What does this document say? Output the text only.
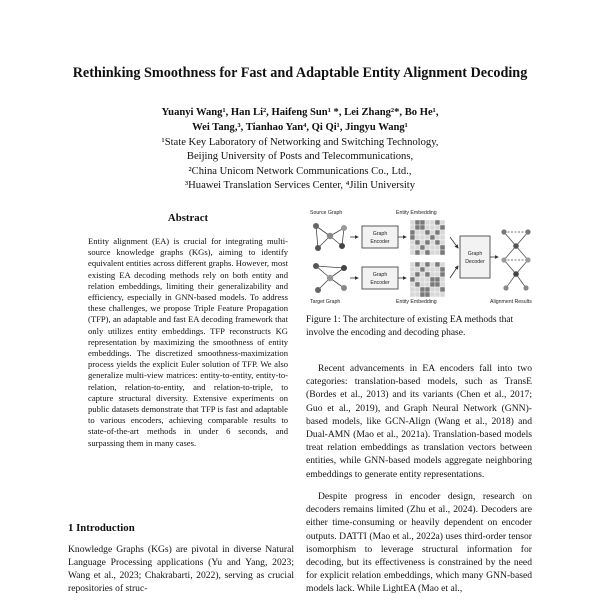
Rethinking Smoothness for Fast and Adaptable Entity Alignment Decoding
Yuanyi Wang¹, Han Li², Haifeng Sun¹ *, Lei Zhang²*, Bo He¹,
Wei Tang,³, Tianhao Yan⁴, Qi Qi¹, Jingyu Wang¹
¹State Key Laboratory of Networking and Switching Technology,
Beijing University of Posts and Telecommunications,
²China Unicom Network Communications Co., Ltd.,
³Huawei Translation Services Center, ⁴Jilin University
Abstract
Entity alignment (EA) is crucial for integrating multi-source knowledge graphs (KGs), aiming to identify equivalent entities across different graphs. However, most existing EA decoding methods rely on both entity and relation embeddings, limiting their generalizability and efficiency, especially in GNN-based models. To address these challenges, we propose Triple Feature Propagation (TFP), an adaptable and fast EA decoding framework that only utilizes entity embeddings. TFP reconstructs KG representation by maximizing the smoothness of entity embeddings. The discretized smoothness-maximization process yields the explicit Euler solution of TFP. We also generalize multi-view matrices: entity-to-entity, entity-to-relation, relation-to-entity, and relation-to-triple, to capture structural diversity. Extensive experiments on public datasets demonstrate that TFP is fast and adaptable to various encoders, achieving comparable results to state-of-the-art methods in under 6 seconds, and surpassing them in many cases.
1 Introduction
Knowledge Graphs (KGs) are pivotal in diverse Natural Language Processing applications (Yu and Yang, 2023; Wang et al., 2023; Chakrabarti, 2022), serving as crucial repositories of struc-
Source Graph
Target Graph
Entity Embedding
Entity Embedding	Alignment Results
Graph
Encoder
Graph
Encoder
Graph
Decoder
Figure 1: The architecture of existing EA methods that involve the encoding and decoding phase.
Recent advancements in EA encoders fall into two categories: translation-based models, such as TransE (Bordes et al., 2013) and its variants (Chen et al., 2017; Guo et al., 2019), and Graph Neural Network (GNN)-based models, like GCN-Align (Wang et al., 2018) and Dual-AMN (Mao et al., 2021a). Translation-based models treat relation embeddings as translation vectors between entities, while GNN-based models aggregate neighboring embeddings to generate entity representations.
Despite progress in encoder design, research on decoders remains limited (Zhu et al., 2024). Decoders are either time-consuming or heavily dependent on encoder outputs. DATTI (Mao et al., 2022a) uses third-order tensor isomorphism to leverage structural information for decoding, but its effectiveness is constrained by the need for explicit relation embeddings, which many GNN-based models lack. While LightEA (Mao et al.,
